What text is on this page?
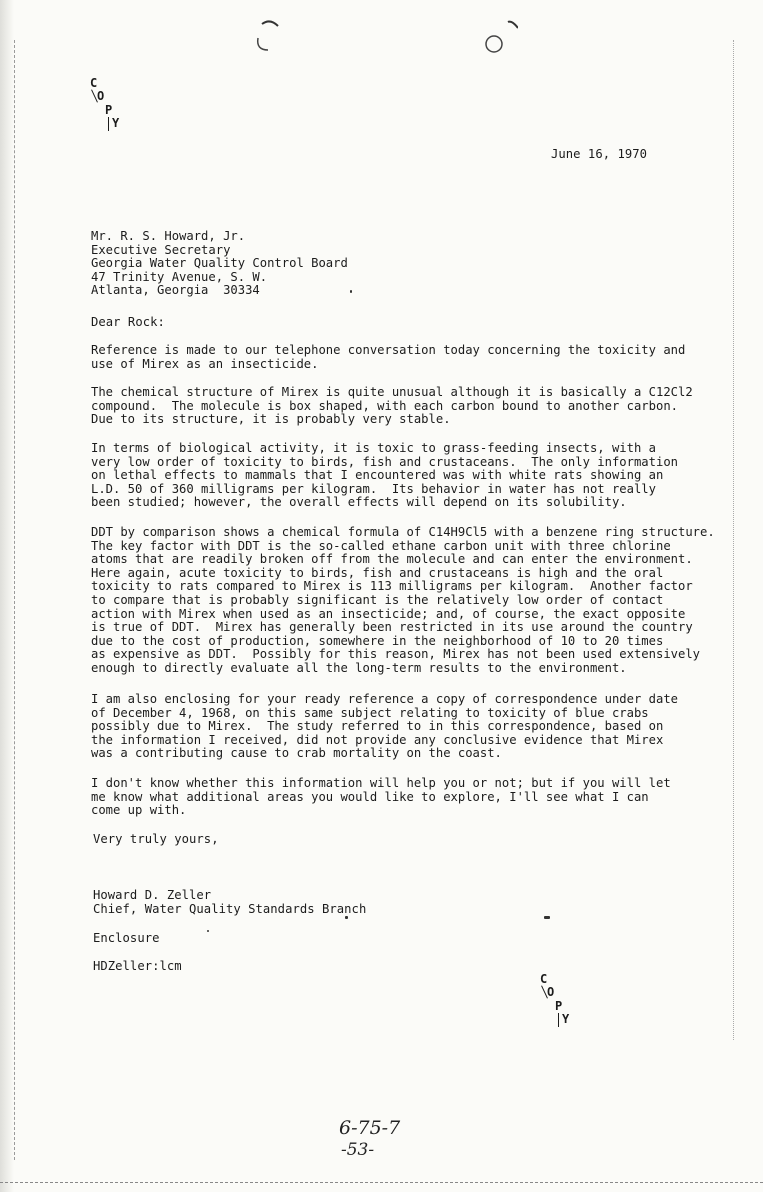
C
O
P
Y
June 16, 1970
Mr. R. S. Howard, Jr.
Executive Secretary
Georgia Water Quality Control Board
47 Trinity Avenue, S. W.
Atlanta, Georgia  30334
Dear Rock:
Reference is made to our telephone conversation today concerning the toxicity and
use of Mirex as an insecticide.
The chemical structure of Mirex is quite unusual although it is basically a C12Cl2
compound.  The molecule is box shaped, with each carbon bound to another carbon.
Due to its structure, it is probably very stable.
In terms of biological activity, it is toxic to grass-feeding insects, with a
very low order of toxicity to birds, fish and crustaceans.  The only information
on lethal effects to mammals that I encountered was with white rats showing an
L.D. 50 of 360 milligrams per kilogram.  Its behavior in water has not really
been studied; however, the overall effects will depend on its solubility.
DDT by comparison shows a chemical formula of C14H9Cl5 with a benzene ring structure.
The key factor with DDT is the so-called ethane carbon unit with three chlorine
atoms that are readily broken off from the molecule and can enter the environment.
Here again, acute toxicity to birds, fish and crustaceans is high and the oral
toxicity to rats compared to Mirex is 113 milligrams per kilogram.  Another factor
to compare that is probably significant is the relatively low order of contact
action with Mirex when used as an insecticide; and, of course, the exact opposite
is true of DDT.  Mirex has generally been restricted in its use around the country
due to the cost of production, somewhere in the neighborhood of 10 to 20 times
as expensive as DDT.  Possibly for this reason, Mirex has not been used extensively
enough to directly evaluate all the long-term results to the environment.
I am also enclosing for your ready reference a copy of correspondence under date
of December 4, 1968, on this same subject relating to toxicity of blue crabs
possibly due to Mirex.  The study referred to in this correspondence, based on
the information I received, did not provide any conclusive evidence that Mirex
was a contributing cause to crab mortality on the coast.
I don't know whether this information will help you or not; but if you will let
me know what additional areas you would like to explore, I'll see what I can
come up with.
Very truly yours,
Howard D. Zeller
Chief, Water Quality Standards Branch
Enclosure
HDZeller:lcm
C
O
P
Y
6-75-7
-53-
